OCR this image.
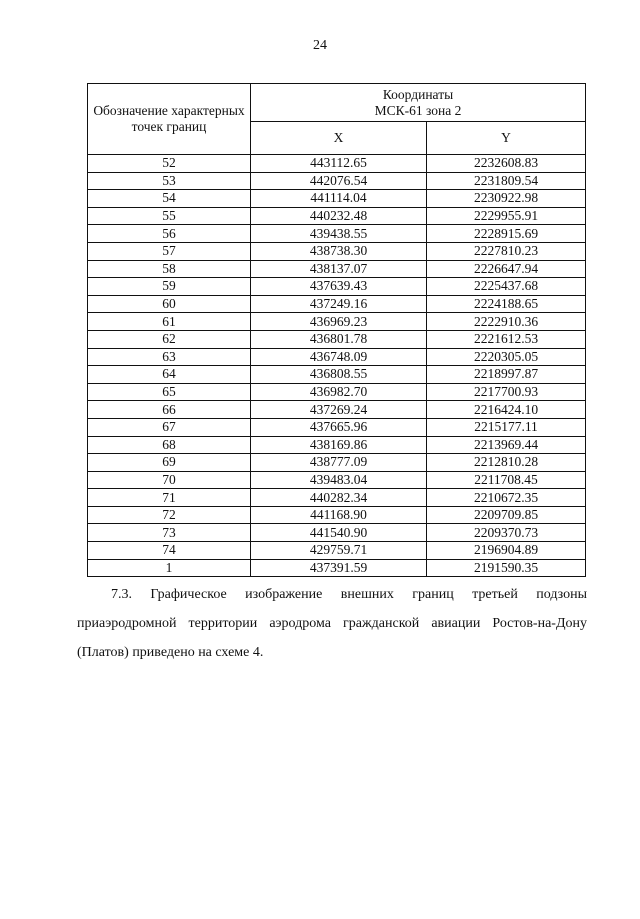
24
Обозначение характерных точек границ	Координаты
МСК-61 зона 2	

	X	Y
52	443112.65	2232608.83
53	442076.54	2231809.54
54	441114.04	2230922.98
55	440232.48	2229955.91
56	439438.55	2228915.69
57	438738.30	2227810.23
58	438137.07	2226647.94
59	437639.43	2225437.68
60	437249.16	2224188.65
61	436969.23	2222910.36
62	436801.78	2221612.53
63	436748.09	2220305.05
64	436808.55	2218997.87
65	436982.70	2217700.93
66	437269.24	2216424.10
67	437665.96	2215177.11
68	438169.86	2213969.44
69	438777.09	2212810.28
70	439483.04	2211708.45
71	440282.34	2210672.35
72	441168.90	2209709.85
73	441540.90	2209370.73
74	429759.71	2196904.89
1	437391.59	2191590.35
7.3. Графическое изображение внешних границ третьей подзоны приаэродромной территории аэродрома гражданской авиации Ростов-на-Дону (Платов) приведено на схеме 4.
